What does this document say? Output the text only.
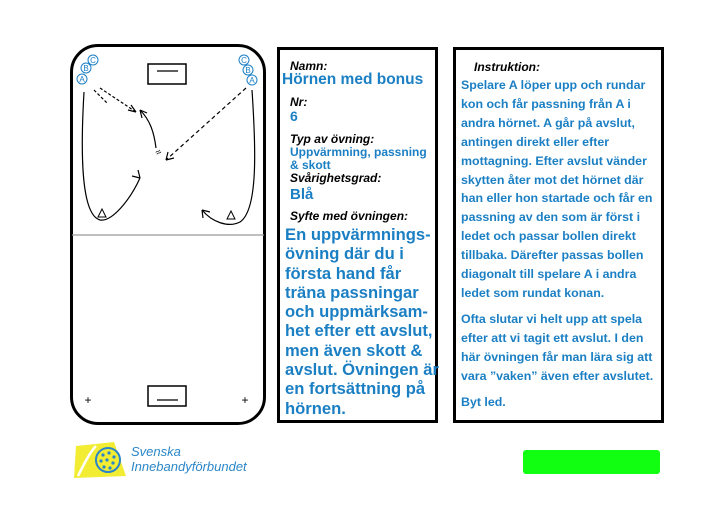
C
B
A
C
B
A
≈
+	+
Namn:
Hörnen med bonus
Nr:
6
Typ av övning:
Uppvärmning, passning & skott
Svårighetsgrad:
Blå
Syfte med övningen:
En uppvärmnings-övning där du i första hand får träna passningar och uppmärksam-het efter ett avslut, men även skott & avslut. Övningen är en fortsättning på hörnen.
Instruktion:

Spelare A löper upp och rundar kon och får passning från A i andra hörnet. A går på avslut, antingen direkt eller efter mottagning. Efter avslut vänder skytten åter mot det hörnet där han eller hon startade och får en passning av den som är först i ledet och passar bollen direkt tillbaka. Därefter passas bollen diagonalt till spelare A i andra ledet som rundat konan.

Ofta slutar vi helt upp att spela efter att vi tagit ett avslut. I den här övningen får man lära sig att vara ”vaken” även efter avslutet.

Byt led.

Svenska
Innebandyförbundet
